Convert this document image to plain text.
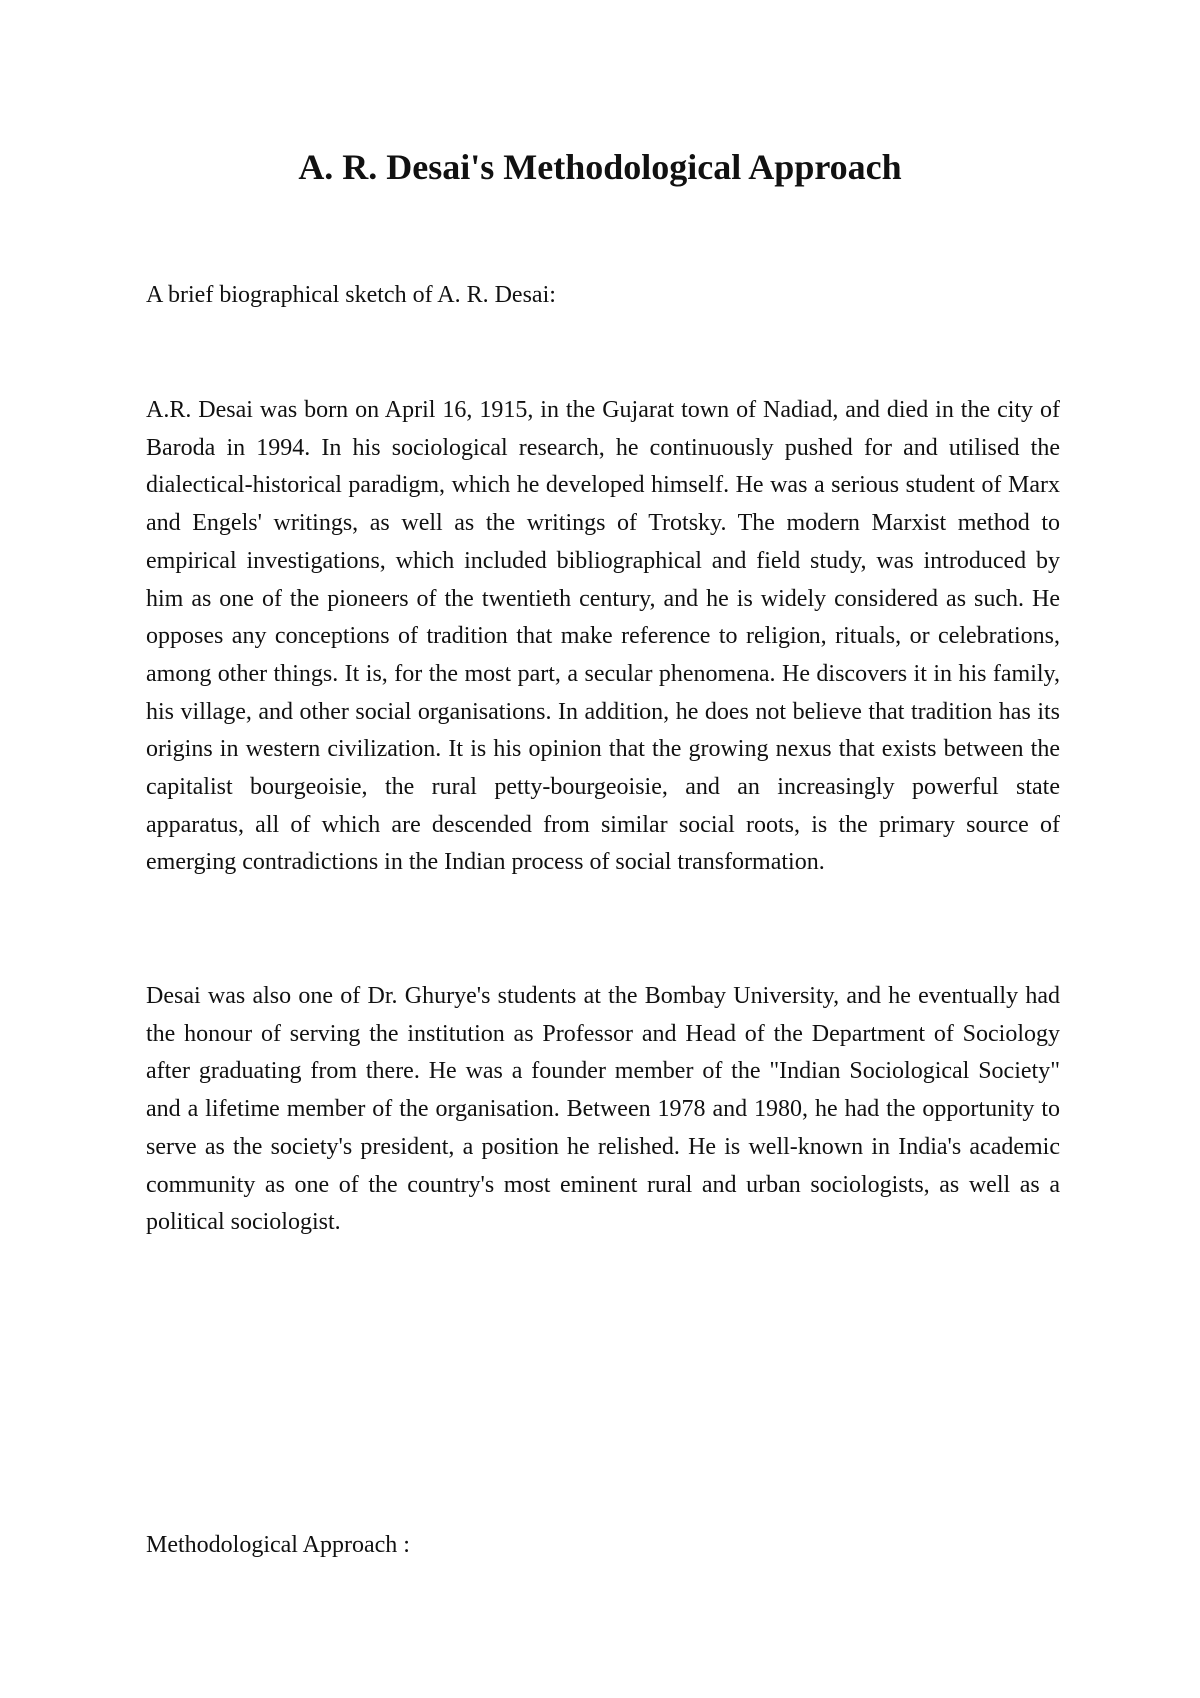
A. R. Desai's Methodological Approach

A brief biographical sketch of A. R. Desai:

A.R. Desai was born on April 16, 1915, in the Gujarat town of Nadiad, and died in the city of Baroda in 1994. In his sociological research, he continuously pushed for and utilised the dialectical-historical paradigm, which he developed himself. He was a serious student of Marx and Engels' writings, as well as the writings of Trotsky. The modern Marxist method to empirical investigations, which included bibliographical and field study, was introduced by him as one of the pioneers of the twentieth century, and he is widely considered as such. He opposes any conceptions of tradition that make reference to religion, rituals, or celebrations, among other things. It is, for the most part, a secular phenomena. He discovers it in his family, his village, and other social organisations. In addition, he does not believe that tradition has its origins in western civilization. It is his opinion that the growing nexus that exists between the capitalist bourgeoisie, the rural petty-bourgeoisie, and an increasingly powerful state apparatus, all of which are descended from similar social roots, is the primary source of emerging contradictions in the Indian process of social transformation.

Desai was also one of Dr. Ghurye's students at the Bombay University, and he eventually had the honour of serving the institution as Professor and Head of the Department of Sociology after graduating from there. He was a founder member of the "Indian Sociological Society" and a lifetime member of the organisation. Between 1978 and 1980, he had the opportunity to serve as the society's president, a position he relished. He is well-known in India's academic community as one of the country's most eminent rural and urban sociologists, as well as a political sociologist.

Methodological Approach :
